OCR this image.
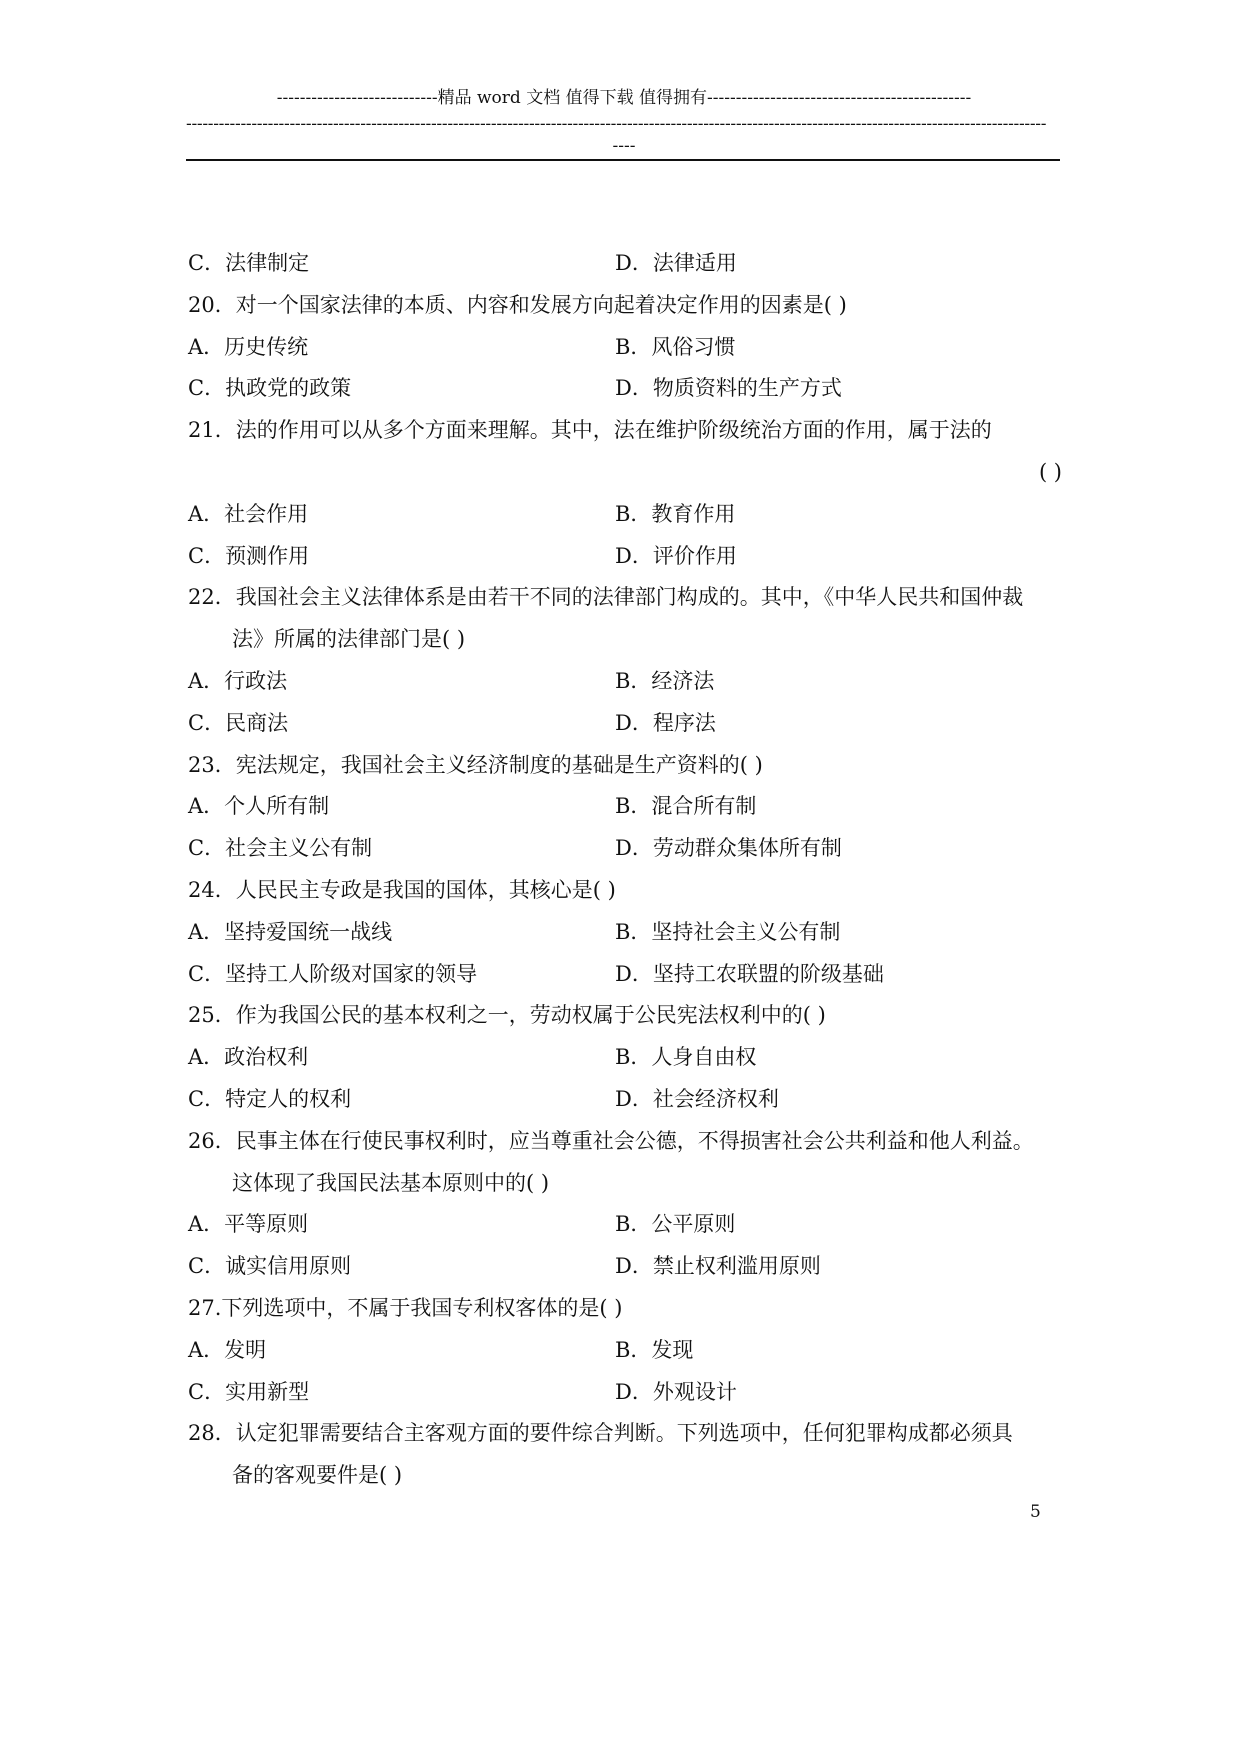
----------------------------精品 word 文档 值得下载 值得拥有----------------------------------------------
--------------------------------------------------------------------------------------------------------------------------------------------------------------
----
C．法律制定	D．法律适用
20．对一个国家法律的本质、内容和发展方向起着决定作用的因素是( )
A．历史传统	B．风俗习惯
C．执政党的政策	D．物质资料的生产方式
21．法的作用可以从多个方面来理解。其中，法在维护阶级统治方面的作用，属于法的
( )
A．社会作用	B．教育作用
C．预测作用	D．评价作用
22．我国社会主义法律体系是由若干不同的法律部门构成的。其中，《中华人民共和国仲裁
法》所属的法律部门是( )
A．行政法	B．经济法
C．民商法	D．程序法
23．宪法规定，我国社会主义经济制度的基础是生产资料的( )
A．个人所有制	B．混合所有制
C．社会主义公有制	D．劳动群众集体所有制
24．人民民主专政是我国的国体，其核心是( )
A．坚持爱国统一战线	B．坚持社会主义公有制
C．坚持工人阶级对国家的领导	D．坚持工农联盟的阶级基础
25．作为我国公民的基本权利之一，劳动权属于公民宪法权利中的( )
A．政治权利	B．人身自由权
C．特定人的权利	D．社会经济权利
26．民事主体在行使民事权利时，应当尊重社会公德，不得损害社会公共利益和他人利益。
这体现了我国民法基本原则中的( )
A．平等原则	B．公平原则
C．诚实信用原则	D．禁止权利滥用原则
27.下列选项中，不属于我国专利权客体的是( )
A．发明	B．发现
C．实用新型	D．外观设计
28．认定犯罪需要结合主客观方面的要件综合判断。下列选项中，任何犯罪构成都必须具
备的客观要件是( )
5
